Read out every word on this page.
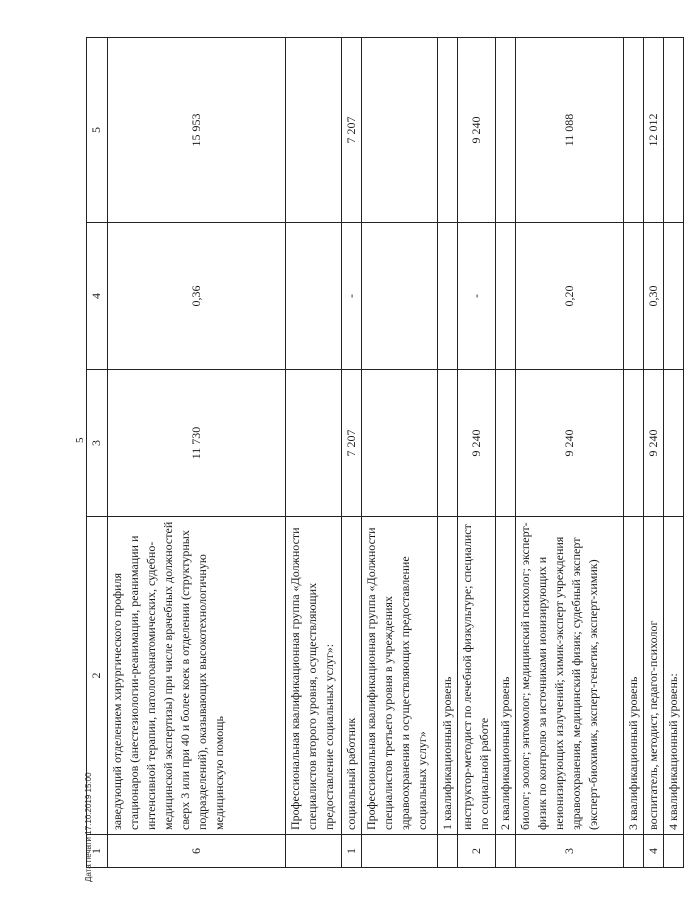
5
1	2	3	4	5
6	заведующий отделением хирургического профиля стационаров (анестезиологии-реанимации, реанимации и интенсивной терапии, патологоанатомических, судебно-медицинской экспертизы) при числе врачебных должностей сверх 3 или при 40 и более коек в отделении (структурных подразделений), оказывающих высокотехнологичную медицинскую помощь	11 730	0,36	15 953
	Профессиональная квалификационная группа «Должности специалистов второго уровня, осуществляющих предоставление социальных услуг»:			
1	социальный работник	7 207	-	7 207
	Профессиональная квалификационная группа «Должности специалистов третьего уровня в учреждениях здравоохранения и осуществляющих предоставление социальных услуг»			
	1 квалификационный уровень			
2	инструктор-методист по лечебной физкультуре; специалист по социальной работе	9 240	-	9 240
	2 квалификационный уровень			
3	биолог; зоолог; энтомолог; медицинский психолог; эксперт-физик по контролю за источниками ионизирующих и неионизирующих излучений; химик-эксперт учреждения здравоохранения, медицинский физик; судебный эксперт (эксперт-биохимик, эксперт-генетик, эксперт-химик)	9 240	0,20	11 088
	3 квалификационный уровень			
4	воспитатель, методист, педагог-психолог	9 240	0,30	12 012
	4 квалификационный уровень:			
Дата печати 17.10.2019 15:00
